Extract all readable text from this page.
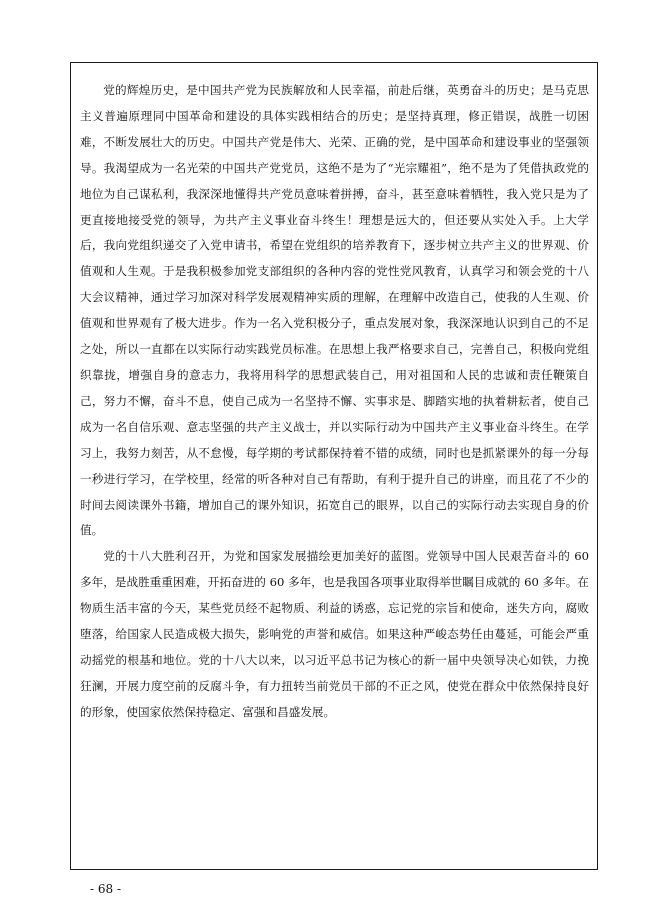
党的辉煌历史，是中国共产党为民族解放和人民幸福，前赴后继，英勇奋斗的历史；是马克思主义普遍原理同中国革命和建设的具体实践相结合的历史；是坚持真理，修正错误，战胜一切困难，不断发展壮大的历史。中国共产党是伟大、光荣、正确的党，是中国革命和建设事业的坚强领导。我渴望成为一名光荣的中国共产党党员，这绝不是为了“光宗耀祖”，绝不是为了凭借执政党的地位为自己谋私利，我深深地懂得共产党员意味着拼搏，奋斗，甚至意味着牺牲，我入党只是为了更直接地接受党的领导，为共产主义事业奋斗终生！理想是远大的，但还要从实处入手。上大学后，我向党组织递交了入党申请书，希望在党组织的培养教育下，逐步树立共产主义的世界观、价值观和人生观。于是我积极参加党支部组织的各种内容的党性党风教育，认真学习和领会党的十八大会议精神，通过学习加深对科学发展观精神实质的理解，在理解中改造自己，使我的人生观、价值观和世界观有了极大进步。作为一名入党积极分子，重点发展对象，我深深地认识到自己的不足之处，所以一直都在以实际行动实践党员标准。在思想上我严格要求自己，完善自己，积极向党组织靠拢，增强自身的意志力，我将用科学的思想武装自己，用对祖国和人民的忠诚和责任鞭策自己，努力不懈，奋斗不息，使自己成为一名坚持不懈、实事求是、脚踏实地的执着耕耘者，使自己成为一名自信乐观、意志坚强的共产主义战士，并以实际行动为中国共产主义事业奋斗终生。在学习上，我努力刻苦，从不怠慢，每学期的考试都保持着不错的成绩，同时也是抓紧课外的每一分每一秒进行学习，在学校里，经常的听各种对自己有帮助，有利于提升自己的讲座，而且花了不少的时间去阅读课外书籍，增加自己的课外知识，拓宽自己的眼界，以自己的实际行动去实现自身的价值。

党的十八大胜利召开，为党和国家发展描绘更加美好的蓝图。党领导中国人民艰苦奋斗的 60 多年，是战胜重重困难，开拓奋进的 60 多年，也是我国各项事业取得举世瞩目成就的 60 多年。在物质生活丰富的今天，某些党员经不起物质、利益的诱惑，忘记党的宗旨和使命，迷失方向，腐败堕落，给国家人民造成极大损失，影响党的声誉和威信。如果这种严峻态势任由蔓延，可能会严重动摇党的根基和地位。党的十八大以来，以习近平总书记为核心的新一届中央领导决心如铁，力挽狂澜，开展力度空前的反腐斗争，有力扭转当前党员干部的不正之风，使党在群众中依然保持良好的形象，使国家依然保持稳定、富强和昌盛发展。

- 68 -
